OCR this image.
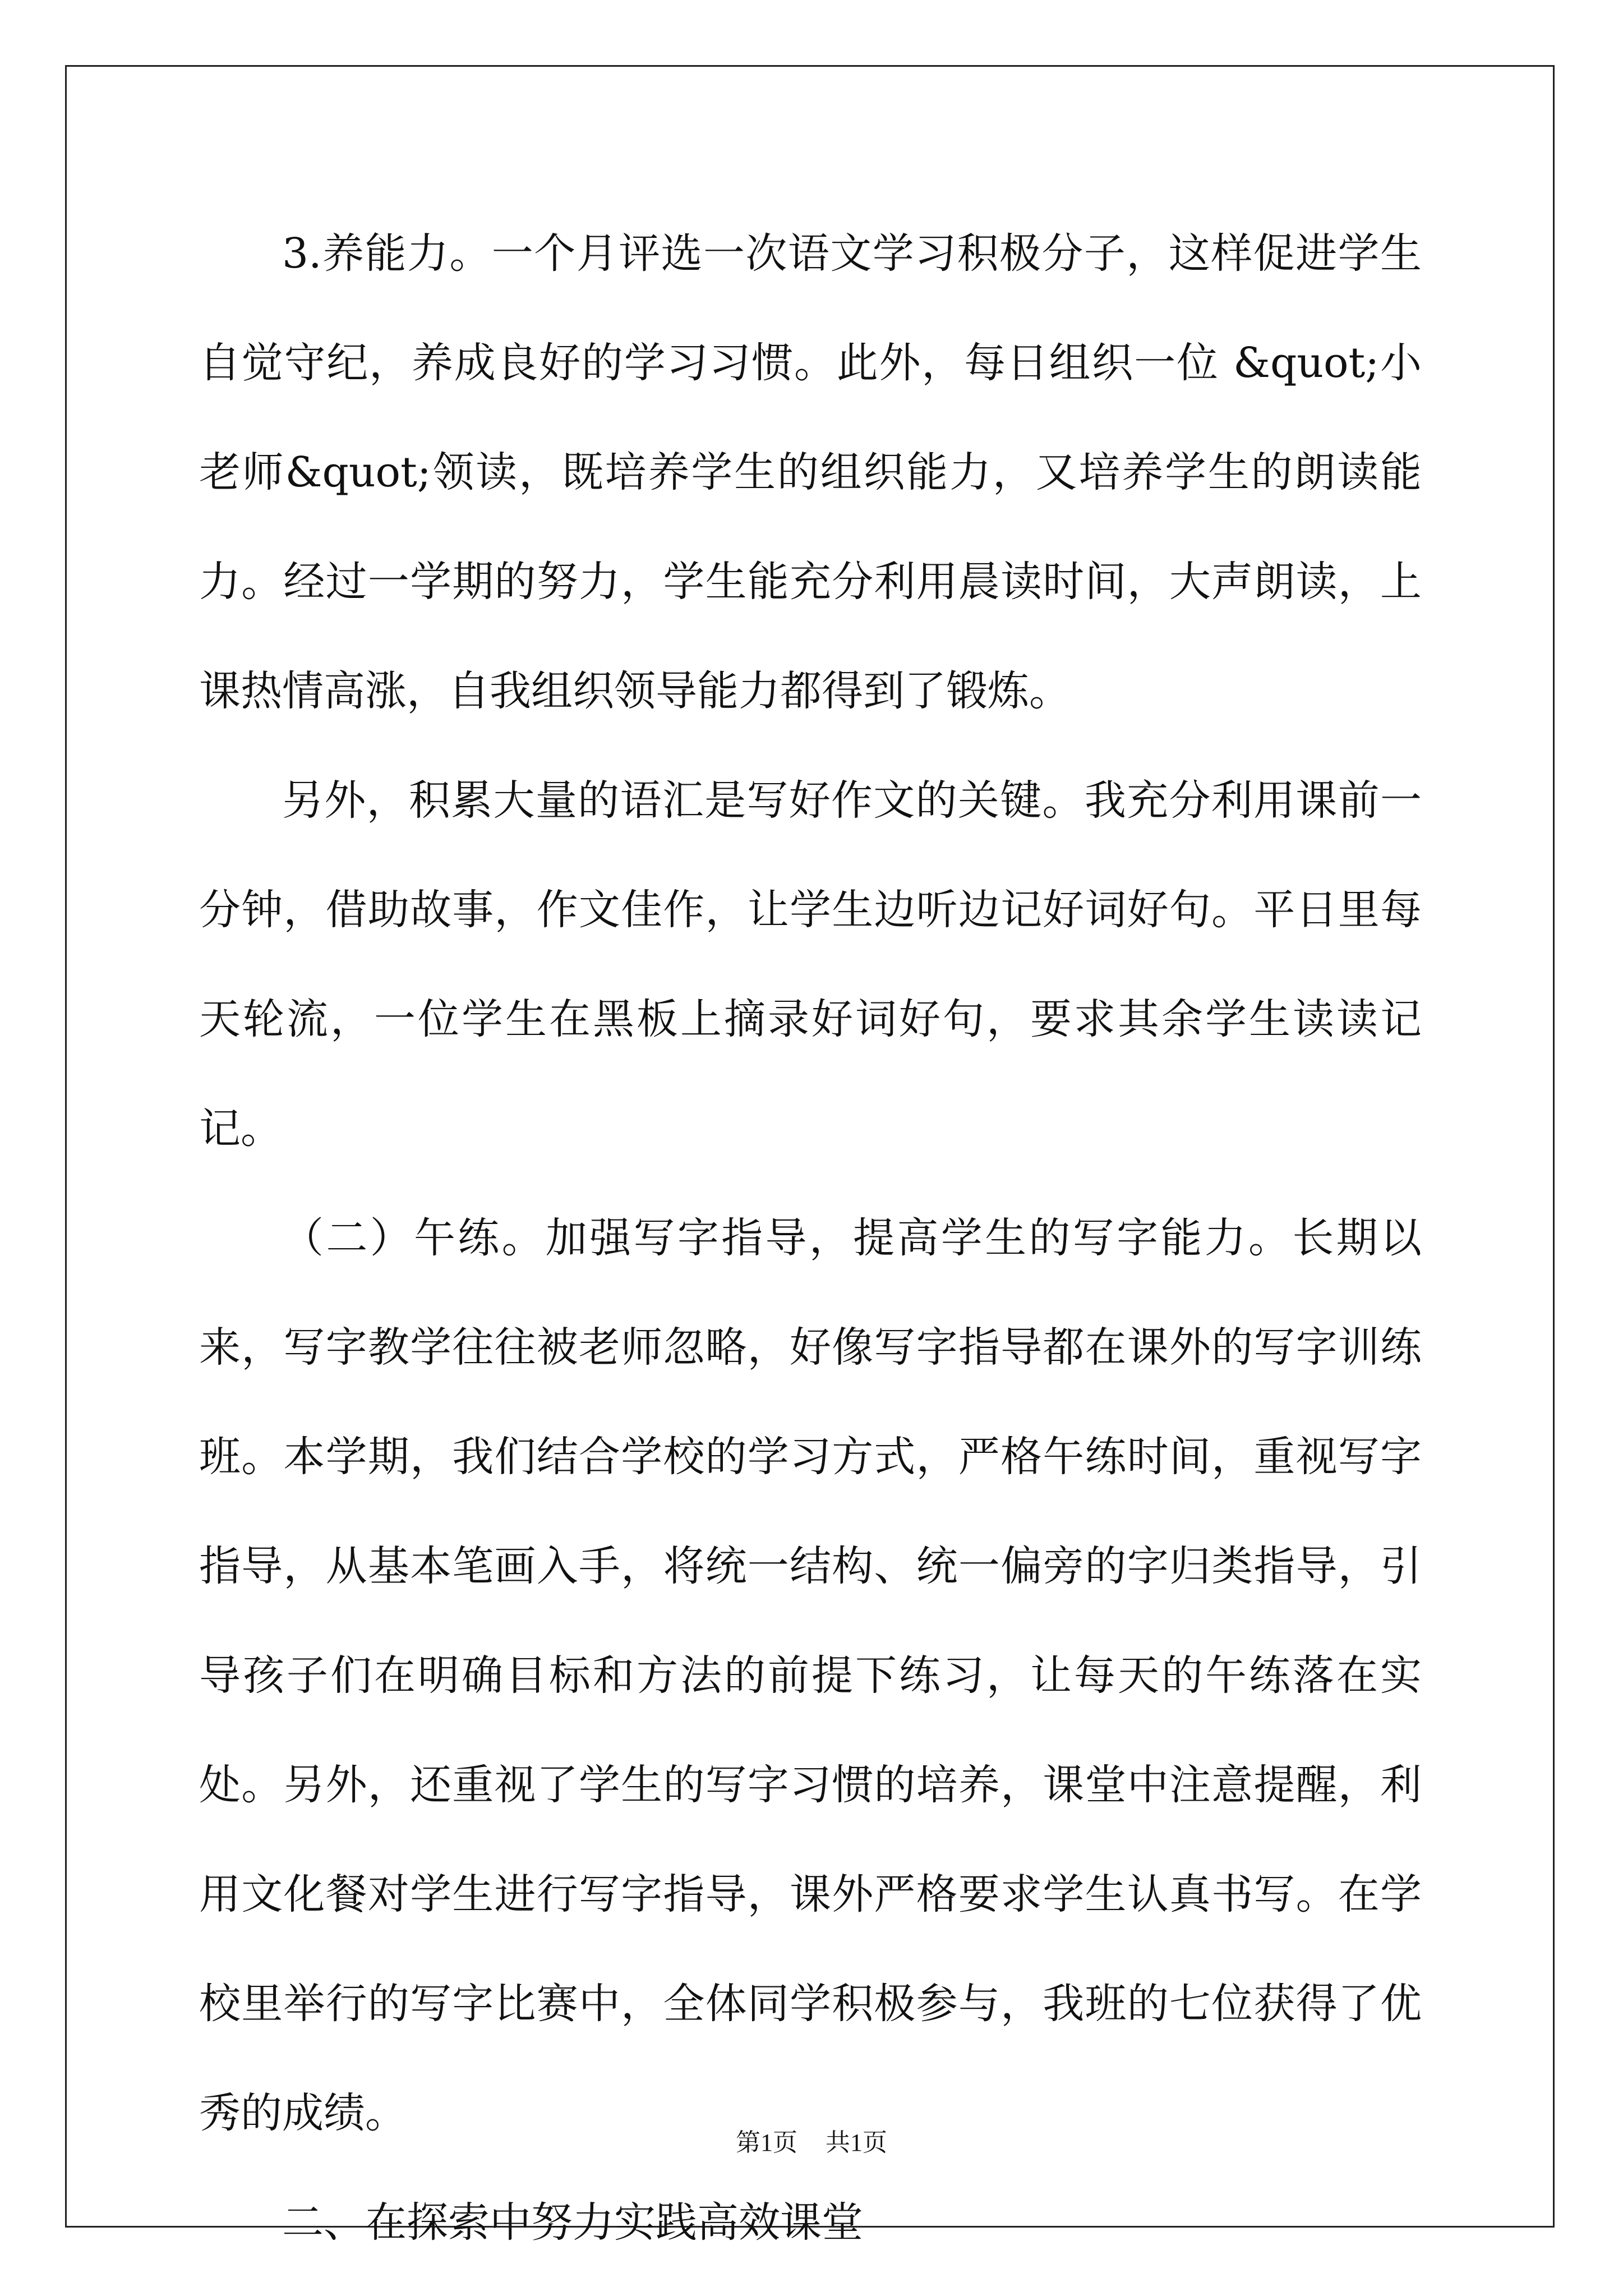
3.养能力。一个月评选一次语文学习积极分子，这样促进学生自觉守纪，养成良好的学习习惯。此外，每日组织一位 &quot;小老师&quot;领读，既培养学生的组织能力，又培养学生的朗读能力。经过一学期的努力，学生能充分利用晨读时间，大声朗读，上课热情高涨，自我组织领导能力都得到了锻炼。

另外，积累大量的语汇是写好作文的关键。我充分利用课前一分钟，借助故事，作文佳作，让学生边听边记好词好句。平日里每天轮流，一位学生在黑板上摘录好词好句，要求其余学生读读记记。

（二）午练。加强写字指导，提高学生的写字能力。长期以来，写字教学往往被老师忽略，好像写字指导都在课外的写字训练班。本学期，我们结合学校的学习方式，严格午练时间，重视写字指导，从基本笔画入手，将统一结构、统一偏旁的字归类指导，引导孩子们在明确目标和方法的前提下练习，让每天的午练落在实处。另外，还重视了学生的写字习惯的培养，课堂中注意提醒，利用文化餐对学生进行写字指导，课外严格要求学生认真书写。在学校里举行的写字比赛中，全体同学积极参与，我班的七位获得了优秀的成绩。

二、在探索中努力实践高效课堂

第1页 共1页
